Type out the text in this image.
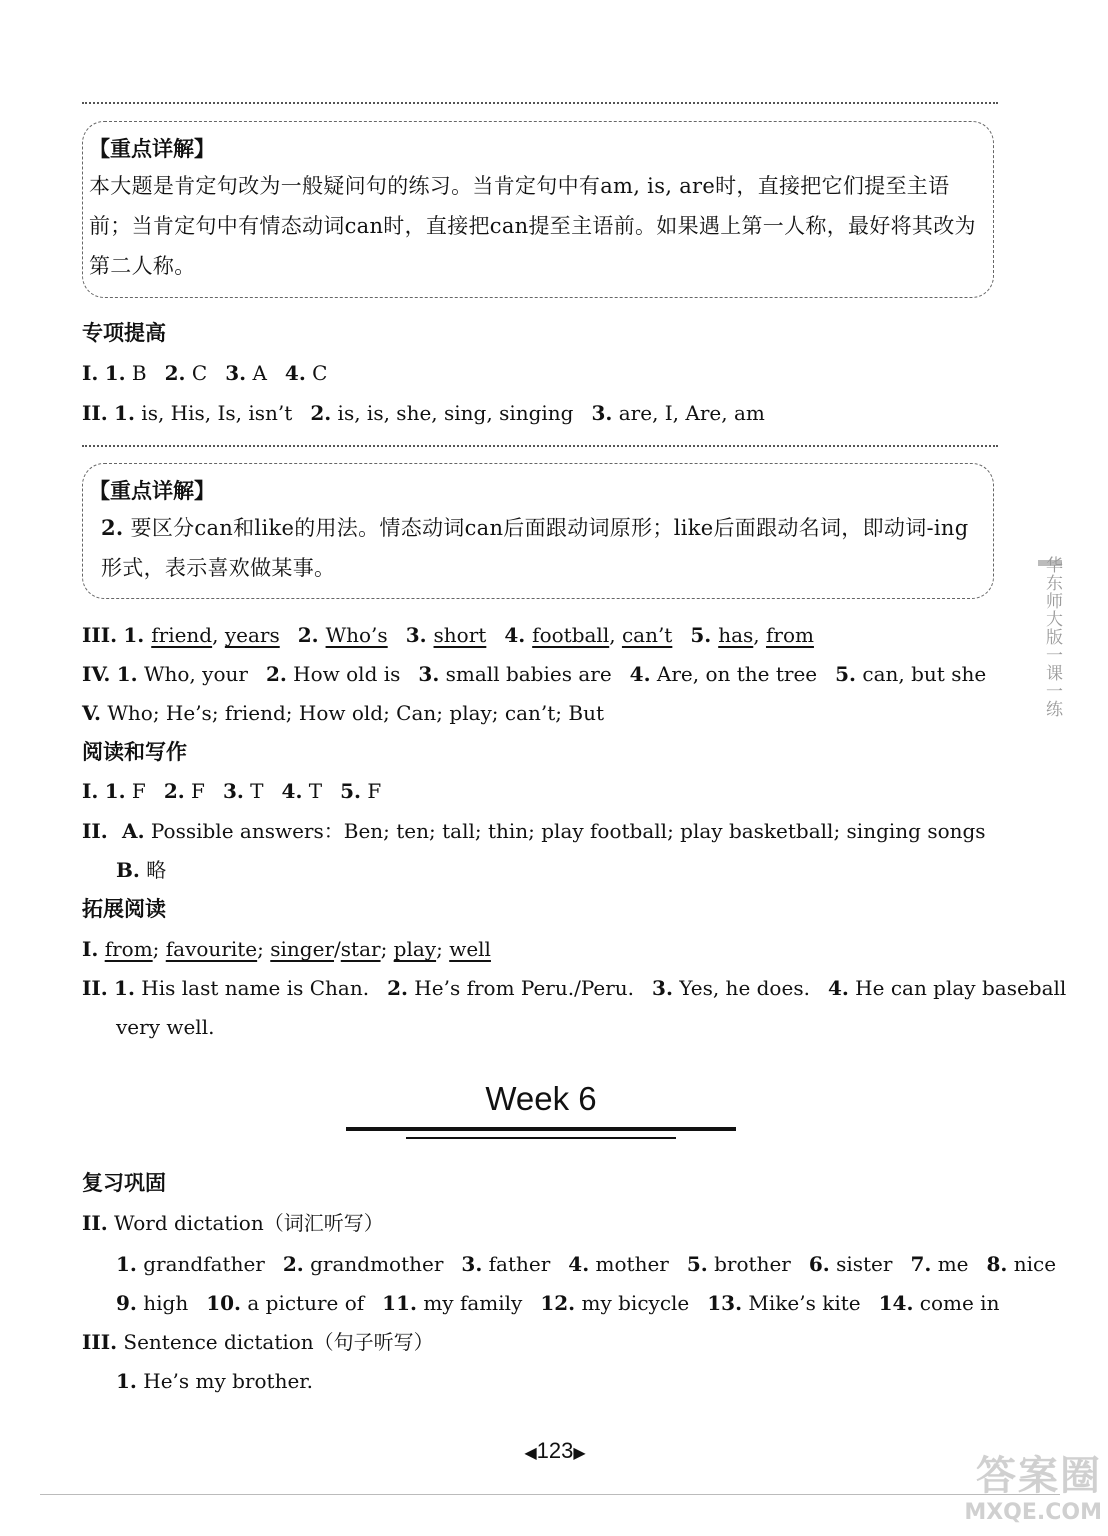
【重点详解】
本大题是肯定句改为一般疑问句的练习。当肯定句中有am, is, are时，直接把它们提至主语前；当肯定句中有情态动词can时，直接把can提至主语前。如果遇上第一人称，最好将其改为第二人称。
专项提高
I. 1. B 2. C 3. A 4. C
II. 1. is, His, Is, isn’t 2. is, is, she, sing, singing 3. are, I, Are, am
【重点详解】
2. 要区分can和like的用法。情态动词can后面跟动词原形；like后面跟动名词，即动词-ing形式，表示喜欢做某事。
III. 1. friend, years 2. Who’s 3. short 4. football, can’t 5. has, from
IV. 1. Who, your 2. How old is 3. small babies are 4. Are, on the tree 5. can, but she
V. Who; He’s; friend; How old; Can; play; can’t; But
阅读和写作
I. 1. F 2. F 3. T 4. T 5. F
II. A. Possible answers：Ben; ten; tall; thin; play football; play basketball; singing songs
B. 略
拓展阅读
I. from; favourite; singer/star; play; well
II. 1. His last name is Chan. 2. He’s from Peru./Peru. 3. Yes, he does. 4. He can play baseball
very well.
Week 6
复习巩固
II. Word dictation（词汇听写）
1. grandfather 2. grandmother 3. father 4. mother 5. brother 6. sister 7. me 8. nice
9. high 10. a picture of 11. my family 12. my bicycle 13. Mike’s kite 14. come in
III. Sentence dictation（句子听写）
1. He’s my brother.
◀123▶
华东师大版一课一练
答案圈
MXQE.COM
